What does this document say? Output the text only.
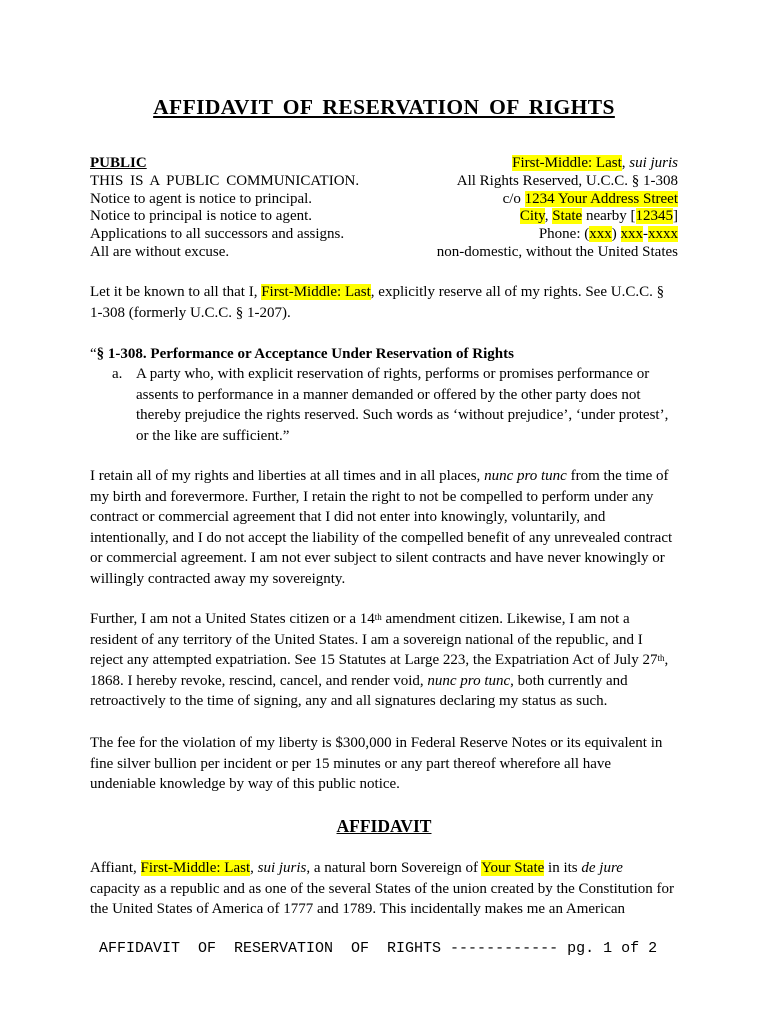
AFFIDAVIT OF RESERVATION OF RIGHTS
PUBLIC	First-Middle: Last, sui juris
THIS IS A PUBLIC COMMUNICATION.	All Rights Reserved, U.C.C. § 1-308
Notice to agent is notice to principal.	c/o 1234 Your Address Street
Notice to principal is notice to agent.	City, State nearby [12345]
Applications to all successors and assigns.	Phone: (xxx) xxx-xxxx
All are without excuse.	non-domestic, without the United States
Let it be known to all that I, First-Middle: Last, explicitly reserve all of my rights. See U.C.C. §
1-308 (formerly U.C.C. § 1-207).
“§ 1-308. Performance or Acceptance Under Reservation of Rights
a. A party who, with explicit reservation of rights, performs or promises performance or
assents to performance in a manner demanded or offered by the other party does not
thereby prejudice the rights reserved. Such words as ‘without prejudice’, ‘under protest’,
or the like are sufficient.”
I retain all of my rights and liberties at all times and in all places, nunc pro tunc from the time of
my birth and forevermore. Further, I retain the right to not be compelled to perform under any
contract or commercial agreement that I did not enter into knowingly, voluntarily, and
intentionally, and I do not accept the liability of the compelled benefit of any unrevealed contract
or commercial agreement. I am not ever subject to silent contracts and have never knowingly or
willingly contracted away my sovereignty.
Further, I am not a United States citizen or a 14th amendment citizen. Likewise, I am not a
resident of any territory of the United States. I am a sovereign national of the republic, and I
reject any attempted expatriation. See 15 Statutes at Large 223, the Expatriation Act of July 27th,
1868. I hereby revoke, rescind, cancel, and render void, nunc pro tunc, both currently and
retroactively to the time of signing, any and all signatures declaring my status as such.
The fee for the violation of my liberty is $300,000 in Federal Reserve Notes or its equivalent in
fine silver bullion per incident or per 15 minutes or any part thereof wherefore all have
undeniable knowledge by way of this public notice.
AFFIDAVIT
Affiant, First-Middle: Last, sui juris, a natural born Sovereign of Your State in its de jure
capacity as a republic and as one of the several States of the union created by the Constitution for
the United States of America of 1777 and 1789. This incidentally makes me an American
AFFIDAVIT  OF  RESERVATION  OF  RIGHTS ------------ pg. 1 of 2
